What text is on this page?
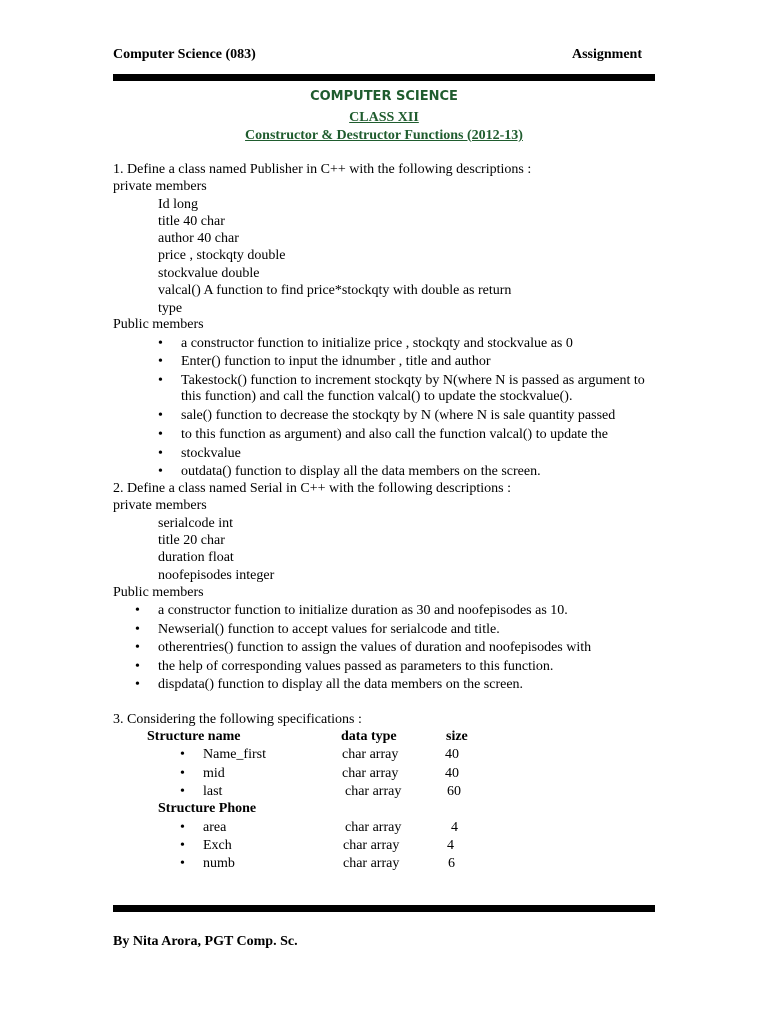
Computer Science (083)	Assignment
COMPUTER SCIENCE
CLASS XII
Constructor & Destructor Functions (2012-13)
1. Define a class named Publisher in C++ with the following descriptions :
private members
Id long
title 40 char
author 40 char
price , stockqty double
stockvalue double
valcal() A function to find price*stockqty with double as return
type
Public members
• a constructor function to initialize price , stockqty and stockvalue as 0
• Enter() function to input the idnumber , title and author
• Takestock() function to increment stockqty by N(where N is passed as argument to
this function) and call the function valcal() to update the stockvalue().
• sale() function to decrease the stockqty by N (where N is sale quantity passed
• to this function as argument) and also call the function valcal() to update the
• stockvalue
• outdata() function to display all the data members on the screen.
2. Define a class named Serial in C++ with the following descriptions :
private members
serialcode int
title 20 char
duration float
noofepisodes integer
Public members
• a constructor function to initialize duration as 30 and noofepisodes as 10.
• Newserial() function to accept values for serialcode and title.
• otherentries() function to assign the values of duration and noofepisodes with
• the help of corresponding values passed as parameters to this function.
• dispdata() function to display all the data members on the screen.
3. Considering the following specifications :
Structure name	data type	size
• Name_first	char array	40
• mid	char array	40
• last	char array	60
Structure Phone
• area	char array	4
• Exch	char array	4
• numb	char array	6
By Nita Arora, PGT Comp. Sc.
